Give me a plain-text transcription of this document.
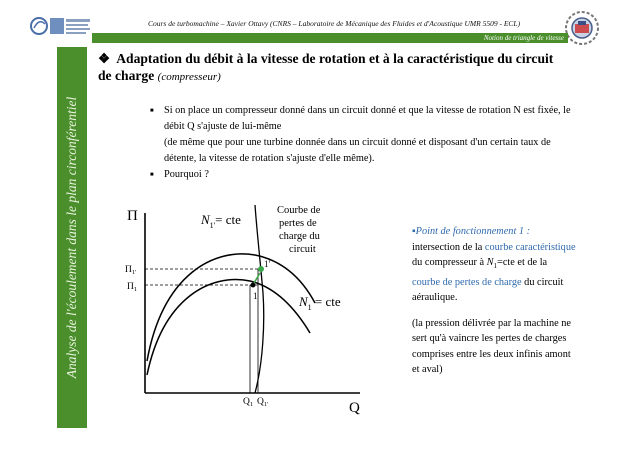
Cours de turbomachine – Xavier Ottavy (CNRS – Laboratoire de Mécanique des Fluides et d'Acoustique UMR 5509 - ECL)
Notion de triangle de vitesse
Analyse de l'écoulement dans le plan circonférentiel
❖ Adaptation du débit à la vitesse de rotation et à la caractéristique du circuit de charge (compresseur)
■ Si on place un compresseur donné dans un circuit donné et que la vitesse de rotation N est fixée, le débit Q s'ajuste de lui-même
(de même que pour une turbine donnée dans un circuit donné et disposant d'un certain taux de détente, la vitesse de rotation s'ajuste d'elle même).
■ Pourquoi ?
Π
Q
$N_{1'}=$ cte
Courbe de
pertes de
charge du
circuit
$N_1$ = cte
1
1'
$\Pi_{1'}$
$\Pi_1$
$Q_1$ $Q_{1'}$

▪Point de fonctionnement 1 :

intersection de la courbe caractéristique du compresseur à $N_1=cte$ et de la courbe de pertes de charge du circuit aéraulique.

(la pression délivrée par la machine ne sert qu'à vaincre les pertes de charges comprises entre les deux infinis amont et aval)
